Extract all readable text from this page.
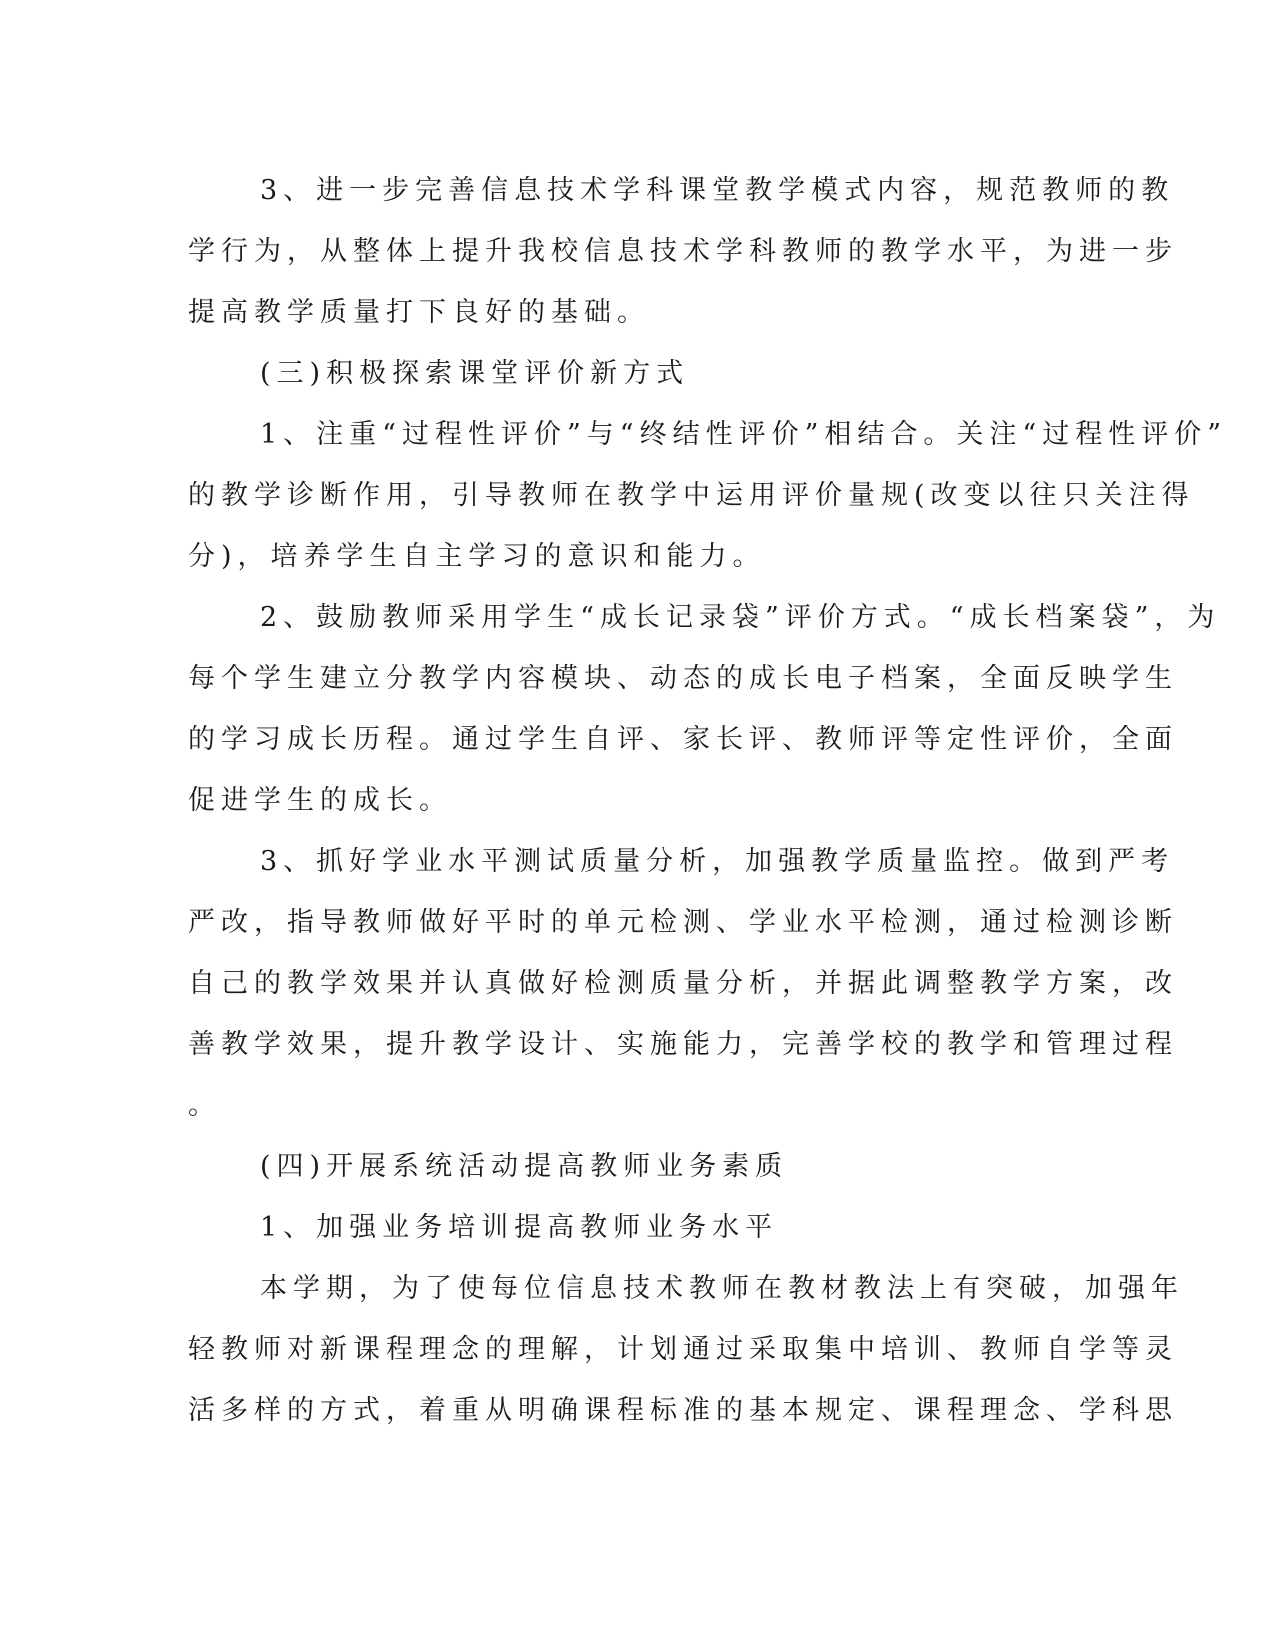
3、进一步完善信息技术学科课堂教学模式内容，规范教师的教
学行为，从整体上提升我校信息技术学科教师的教学水平，为进一步
提高教学质量打下良好的基础。
(三)积极探索课堂评价新方式
1、注重“过程性评价”与“终结性评价”相结合。关注“过程性评价”
的教学诊断作用，引导教师在教学中运用评价量规(改变以往只关注得
分)，培养学生自主学习的意识和能力。
2、鼓励教师采用学生“成长记录袋”评价方式。“成长档案袋”，为
每个学生建立分教学内容模块、动态的成长电子档案，全面反映学生
的学习成长历程。通过学生自评、家长评、教师评等定性评价，全面
促进学生的成长。
3、抓好学业水平测试质量分析，加强教学质量监控。做到严考
严改，指导教师做好平时的单元检测、学业水平检测，通过检测诊断
自己的教学效果并认真做好检测质量分析，并据此调整教学方案，改
善教学效果，提升教学设计、实施能力，完善学校的教学和管理过程
。
(四)开展系统活动提高教师业务素质
1、加强业务培训提高教师业务水平
本学期，为了使每位信息技术教师在教材教法上有突破，加强年
轻教师对新课程理念的理解，计划通过采取集中培训、教师自学等灵
活多样的方式，着重从明确课程标准的基本规定、课程理念、学科思
